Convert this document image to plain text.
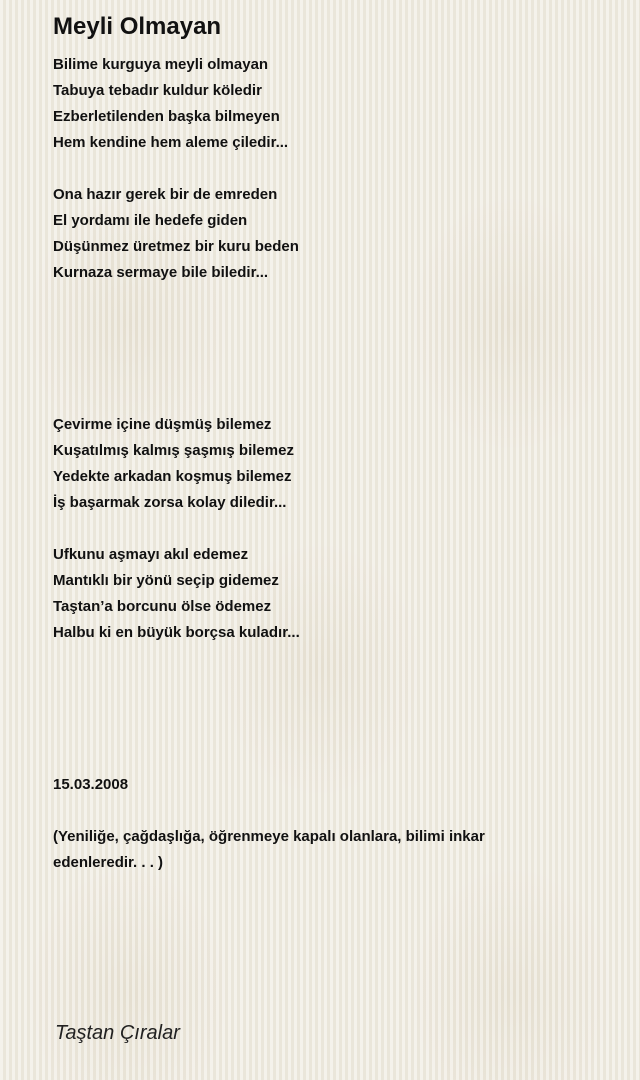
Meyli Olmayan

Bilime kurguya meyli olmayan

Tabuya tebadır kuldur köledir

Ezberletilenden başka bilmeyen

Hem kendine hem aleme çiledir...

Ona hazır gerek bir de emreden

El yordamı ile hedefe giden

Düşünmez üretmez bir kuru beden

Kurnaza sermaye bile biledir...

Çevirme içine düşmüş bilemez

Kuşatılmış kalmış şaşmış bilemez

Yedekte arkadan koşmuş bilemez

İş başarmak zorsa kolay diledir...

Ufkunu aşmayı akıl edemez

Mantıklı bir yönü seçip gidemez

Taştan’a borcunu ölse ödemez

Halbu ki en büyük borçsa kuladır...

15.03.2008

(Yeniliğe, çağdaşlığa, öğrenmeye kapalı olanlara, bilimi inkar

edenleredir. . . )

Taştan Çıralar
